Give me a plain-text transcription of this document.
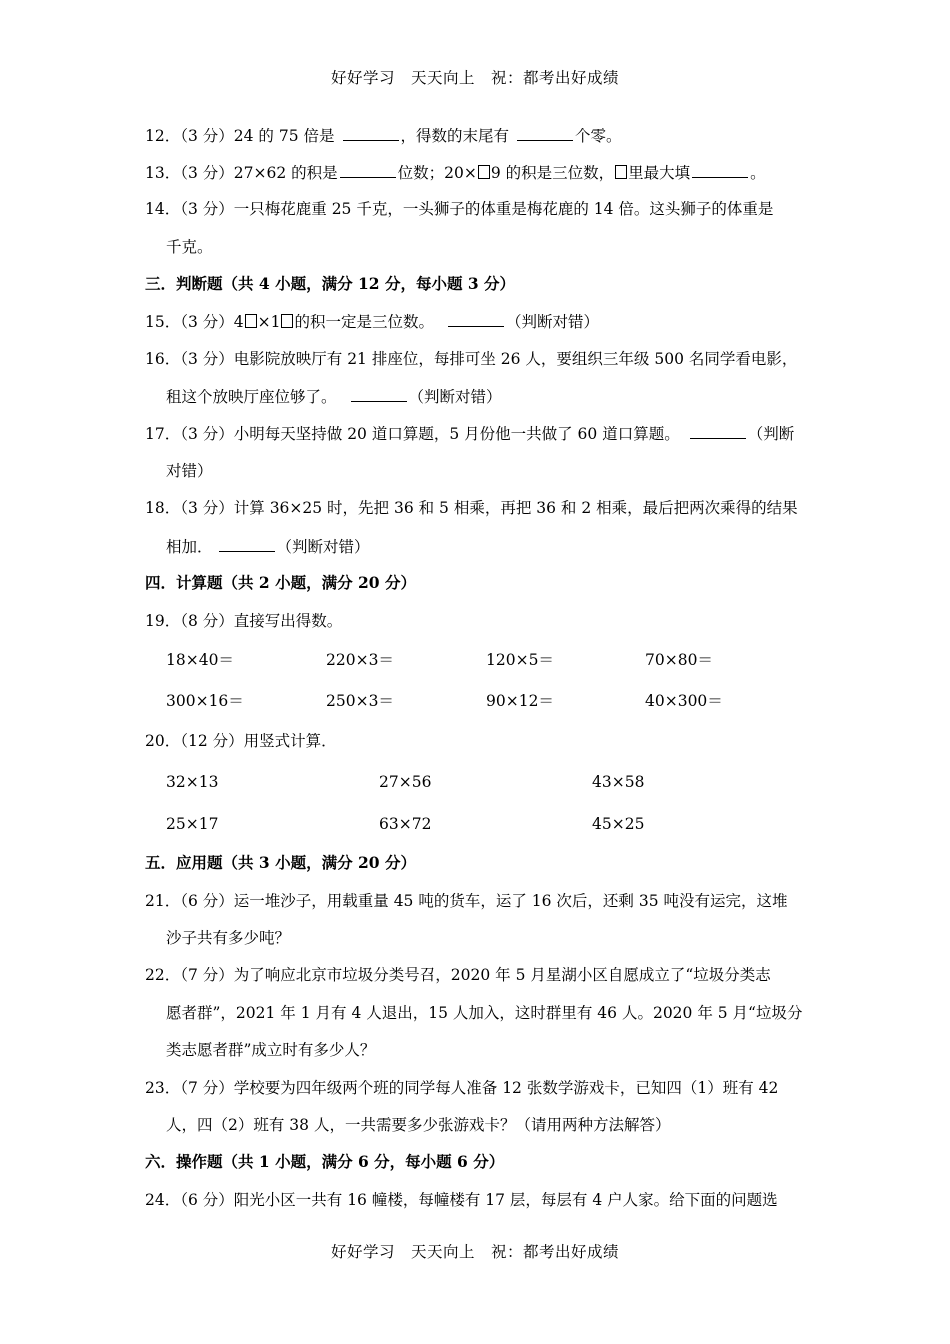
好好学习　天天向上　祝：都考出好成绩
12．（3 分）24 的 75 倍是	，得数的末尾有	个零。
13．（3 分）27×62 的积是	位数；20× 9 的积是三位数， 里最大填	。
14．（3 分）一只梅花鹿重 25 千克，一头狮子的体重是梅花鹿的 14 倍。这头狮子的体重是
千克。
三．判断题（共 4 小题，满分 12 分，每小题 3 分）
15．（3 分）4 ×1 的积一定是三位数。	（判断对错）
16．（3 分）电影院放映厅有 21 排座位，每排可坐 26 人，要组织三年级 500 名同学看电影，
租这个放映厅座位够了。	（判断对错）
17．（3 分）小明每天坚持做 20 道口算题，5 月份他一共做了 60 道口算题。	（判断
对错）
18．（3 分）计算 36×25 时，先把 36 和 5 相乘，再把 36 和 2 相乘，最后把两次乘得的结果
相加．	（判断对错）
四．计算题（共 2 小题，满分 20 分）
19．（8 分）直接写出得数。
18×40＝	220×3＝	120×5＝	70×80＝
300×16＝	250×3＝	90×12＝	40×300＝
20．（12 分）用竖式计算．
32×13	27×56	43×58
25×17	63×72	45×25
五．应用题（共 3 小题，满分 20 分）
21．（6 分）运一堆沙子，用载重量 45 吨的货车，运了 16 次后，还剩 35 吨没有运完，这堆
沙子共有多少吨？
22．（7 分）为了响应北京市垃圾分类号召，2020 年 5 月星湖小区自愿成立了“垃圾分类志
愿者群”，2021 年 1 月有 4 人退出，15 人加入，这时群里有 46 人。2020 年 5 月“垃圾分
类志愿者群”成立时有多少人？
23．（7 分）学校要为四年级两个班的同学每人准备 12 张数学游戏卡，已知四（1）班有 42
人，四（2）班有 38 人，一共需要多少张游戏卡？（请用两种方法解答）
六．操作题（共 1 小题，满分 6 分，每小题 6 分）
24．（6 分）阳光小区一共有 16 幢楼，每幢楼有 17 层，每层有 4 户人家。给下面的问题选
好好学习　天天向上　祝：都考出好成绩
